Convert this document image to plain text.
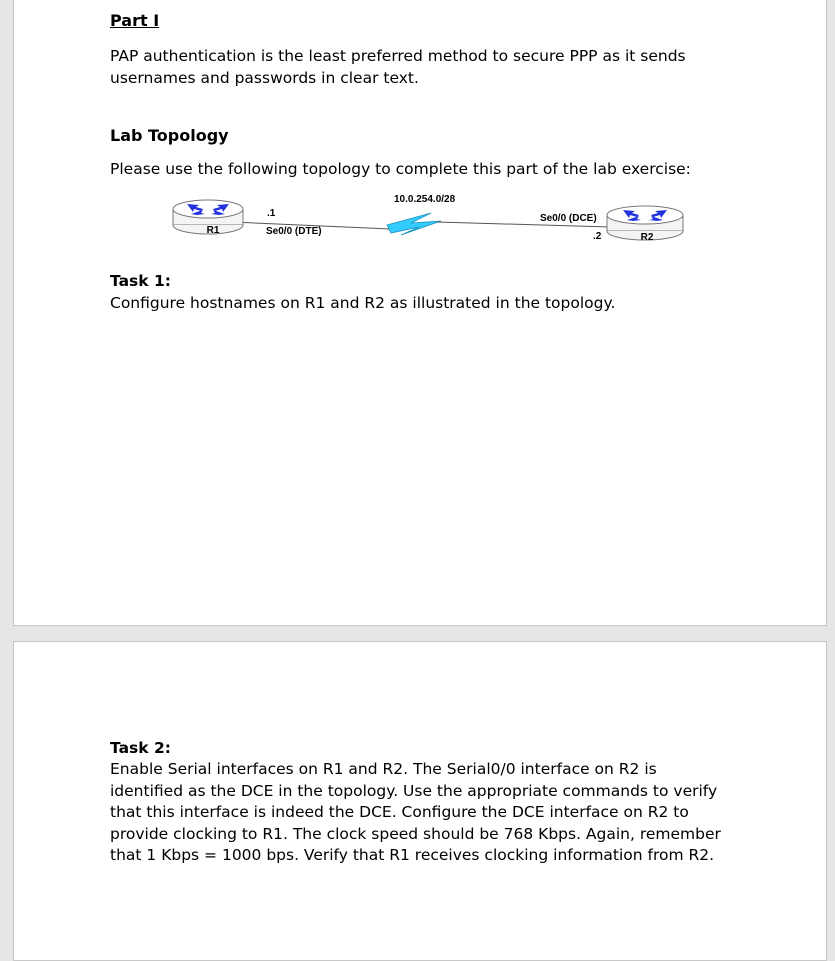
Part I
PAP authentication is the least preferred method to secure PPP as it sends usernames and passwords in clear text.
Lab Topology
Please use the following topology to complete this part of the lab exercise:
R1
.1
Se0/0 (DTE)
10.0.254.0/28
R2
Se0/0 (DCE)
.2
Task 1:
Configure hostnames on R1 and R2 as illustrated in the topology.
Task 2:
Enable Serial interfaces on R1 and R2. The Serial0/0 interface on R2 is identified as the DCE in the topology. Use the appropriate commands to verify that this interface is indeed the DCE. Configure the DCE interface on R2 to provide clocking to R1. The clock speed should be 768 Kbps. Again, remember that 1 Kbps = 1000 bps. Verify that R1 receives clocking information from R2.
